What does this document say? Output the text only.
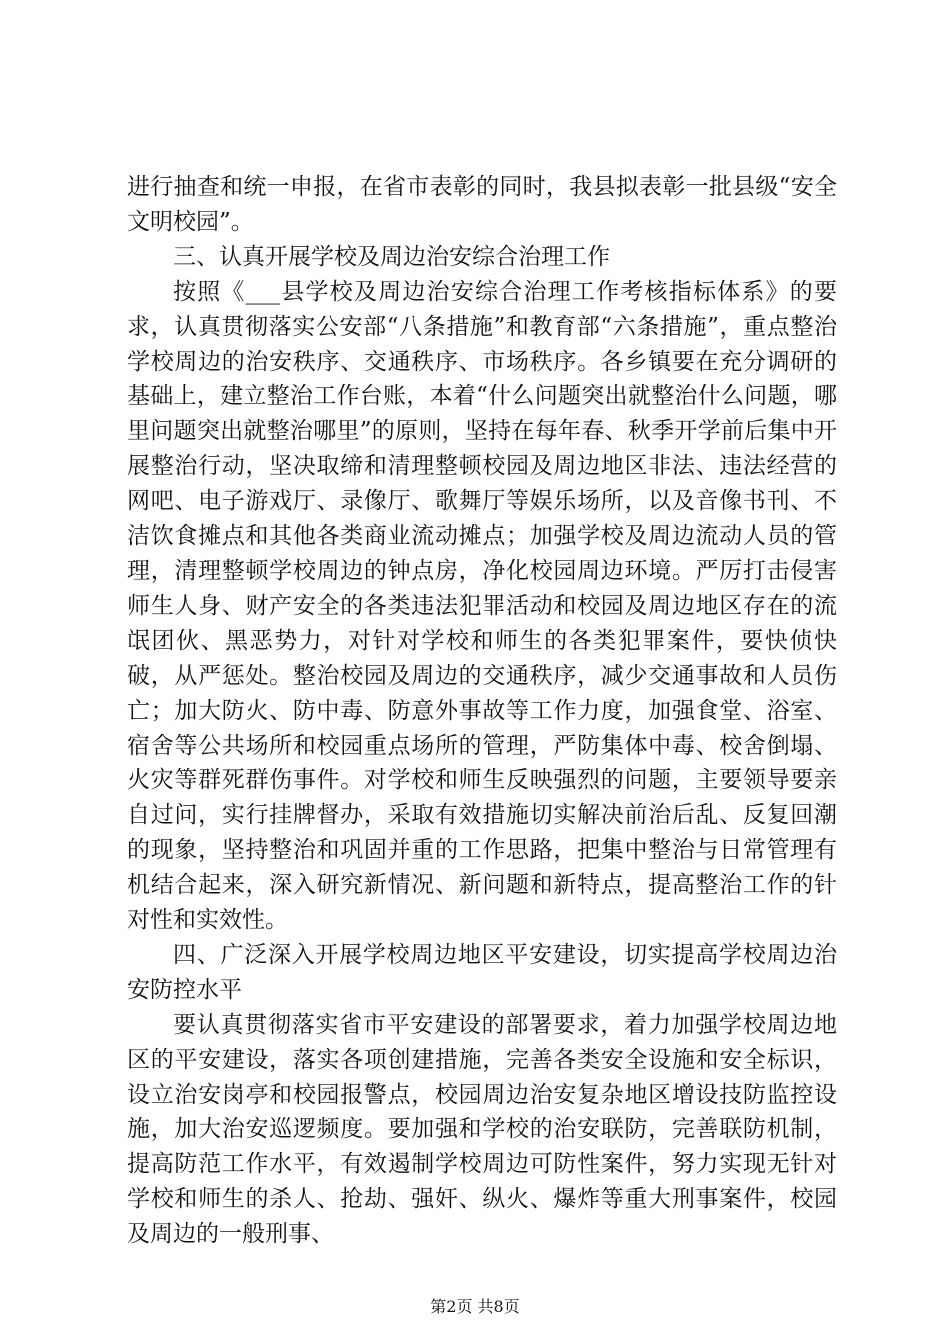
进行抽查和统一申报，在省市表彰的同时，我县拟表彰一批县级“安全文明校园”。

三、认真开展学校及周边治安综合治理工作

按照《___县学校及周边治安综合治理工作考核指标体系》的要求，认真贯彻落实公安部“八条措施”和教育部“六条措施”，重点整治学校周边的治安秩序、交通秩序、市场秩序。各乡镇要在充分调研的基础上，建立整治工作台账，本着“什么问题突出就整治什么问题，哪里问题突出就整治哪里”的原则，坚持在每年春、秋季开学前后集中开展整治行动，坚决取缔和清理整顿校园及周边地区非法、违法经营的网吧、电子游戏厅、录像厅、歌舞厅等娱乐场所，以及音像书刊、不洁饮食摊点和其他各类商业流动摊点；加强学校及周边流动人员的管理，清理整顿学校周边的钟点房，净化校园周边环境。严厉打击侵害师生人身、财产安全的各类违法犯罪活动和校园及周边地区存在的流氓团伙、黑恶势力，对针对学校和师生的各类犯罪案件，要快侦快破，从严惩处。整治校园及周边的交通秩序，减少交通事故和人员伤亡；加大防火、防中毒、防意外事故等工作力度，加强食堂、浴室、宿舍等公共场所和校园重点场所的管理，严防集体中毒、校舍倒塌、火灾等群死群伤事件。对学校和师生反映强烈的问题，主要领导要亲自过问，实行挂牌督办，采取有效措施切实解决前治后乱、反复回潮的现象，坚持整治和巩固并重的工作思路，把集中整治与日常管理有机结合起来，深入研究新情况、新问题和新特点，提高整治工作的针对性和实效性。

四、广泛深入开展学校周边地区平安建设，切实提高学校周边治安防控水平

要认真贯彻落实省市平安建设的部署要求，着力加强学校周边地区的平安建设，落实各项创建措施，完善各类安全设施和安全标识，设立治安岗亭和校园报警点，校园周边治安复杂地区增设技防监控设施，加大治安巡逻频度。要加强和学校的治安联防，完善联防机制，提高防范工作水平，有效遏制学校周边可防性案件，努力实现无针对学校和师生的杀人、抢劫、强奸、纵火、爆炸等重大刑事案件，校园及周边的一般刑事、

第2页 共8页
